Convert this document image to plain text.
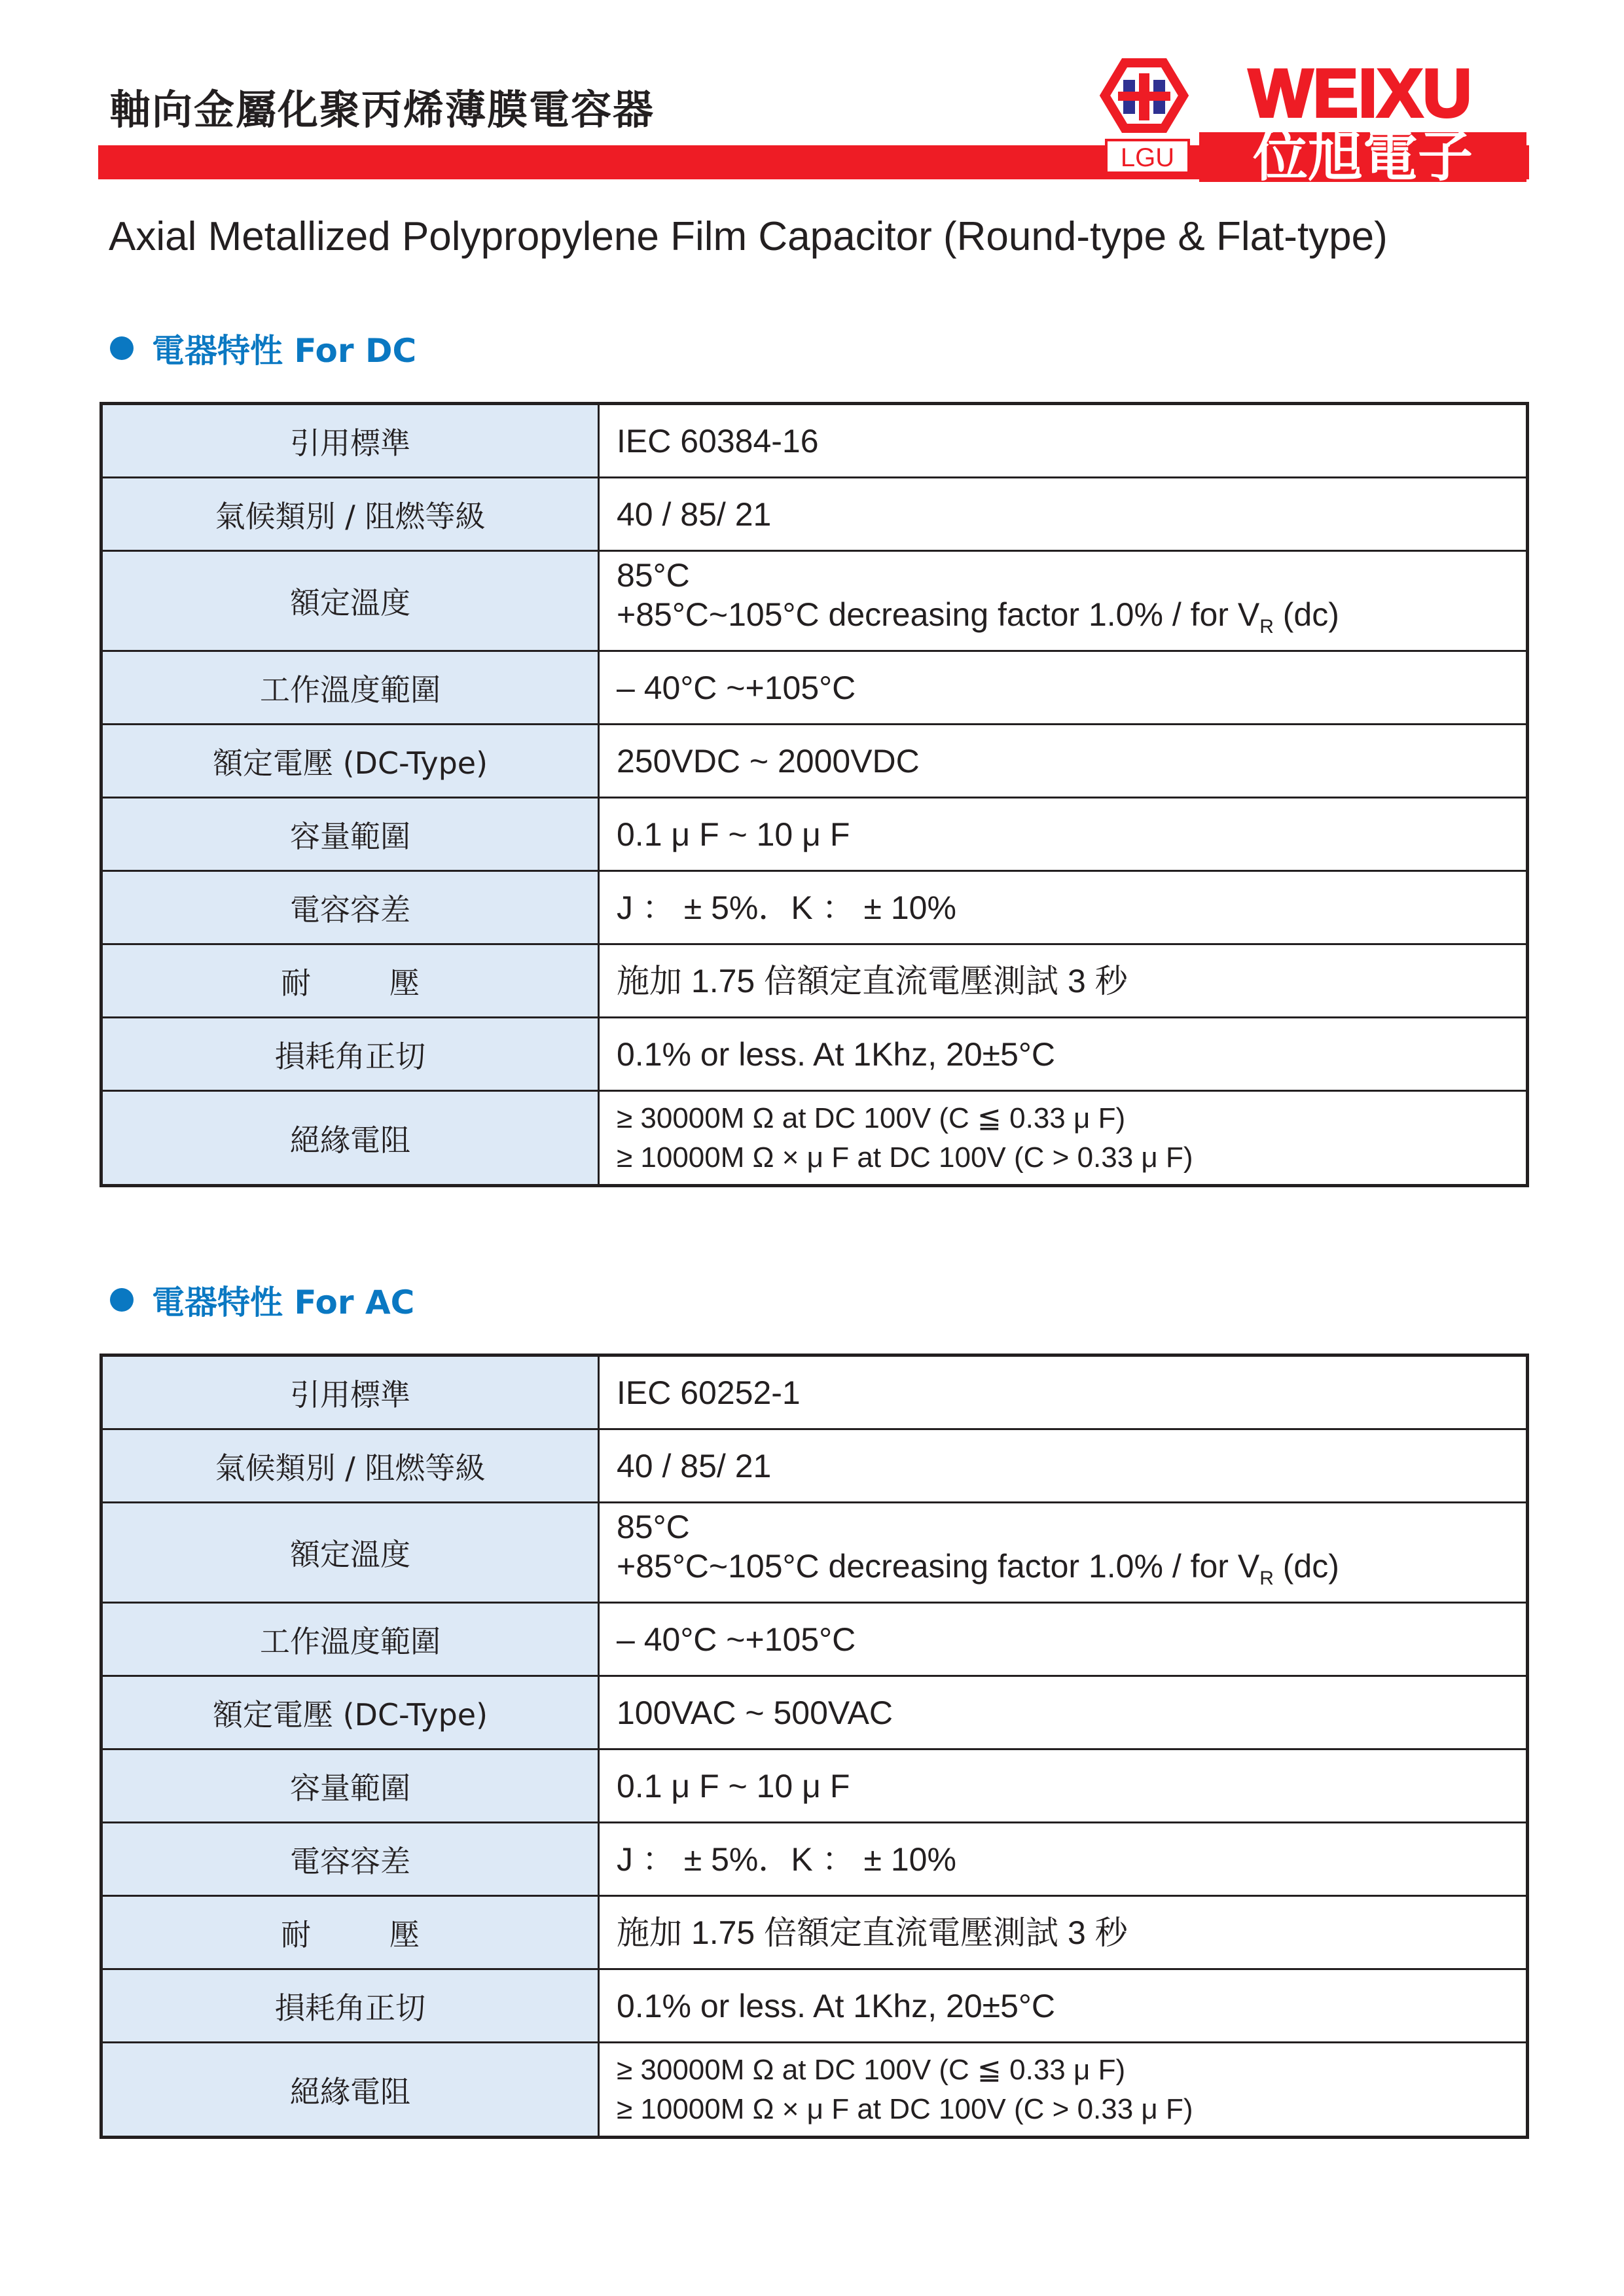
軸向金屬化聚丙烯薄膜電容器
LGU
WEIXU
位旭電子
Axial Metallized Polypropylene Film Capacitor (Round-type & Flat-type)
電器特性 For DC
引用標準	IEC 60384-16
氣候類別 / 阻燃等級	40 / 85/ 21
額定溫度	85°C
+85°C~105°C decreasing factor 1.0% / for $V_R$ (dc)

工作溫度範圍	– 40°C ~+105°C
額定電壓 (DC-Type)	250VDC ~ 2000VDC
容量範圍	0.1 μ F ~ 10 μ F
電容容差	J ： ± 5%．K ： ± 10%
耐壓	施加 1.75 倍額定直流電壓測試 3 秒
損耗角正切	0.1% or less. At 1Khz, 20±5°C
絕緣電阻	≥ 30000M Ω at DC 100V (C ≦ 0.33 μ F)
≥ 10000M Ω × μ F at DC 100V (C > 0.33 μ F)
電器特性 For AC
引用標準	IEC 60252-1
氣候類別 / 阻燃等級	40 / 85/ 21
額定溫度	85°C
+85°C~105°C decreasing factor 1.0% / for $V_R$ (dc)

工作溫度範圍	– 40°C ~+105°C
額定電壓 (DC-Type)	100VAC ~ 500VAC
容量範圍	0.1 μ F ~ 10 μ F
電容容差	J ： ± 5%．K ： ± 10%
耐壓	施加 1.75 倍額定直流電壓測試 3 秒
損耗角正切	0.1% or less. At 1Khz, 20±5°C
絕緣電阻	≥ 30000M Ω at DC 100V (C ≦ 0.33 μ F)
≥ 10000M Ω × μ F at DC 100V (C > 0.33 μ F)
